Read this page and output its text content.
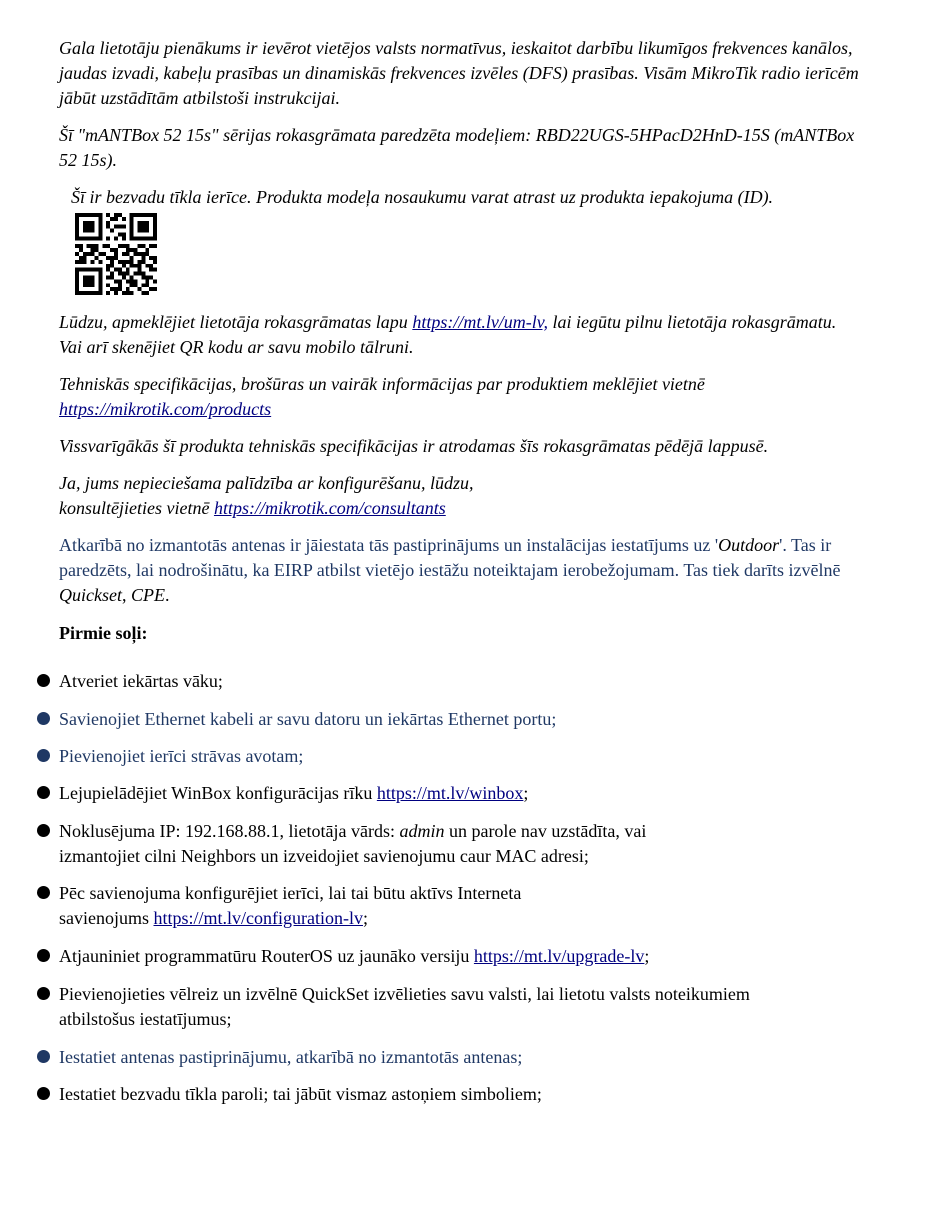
Gala lietotāju pienākums ir ievērot vietējos valsts normatīvus, ieskaitot darbību likumīgos frekvences kanālos, jaudas izvadi, kabeļu prasības un dinamiskās frekvences izvēles (DFS) prasības. Visām MikroTik radio ierīcēm jābūt uzstādītām atbilstoši instrukcijai.

Šī "mANTBox 52 15s" sērijas rokasgrāmata paredzēta modeļiem: RBD22UGS-5HPacD2HnD-15S (mANTBox 52 15s).

Šī ir bezvadu tīkla ierīce. Produkta modeļa nosaukumu varat atrast uz produkta iepakojuma (ID).

Lūdzu, apmeklējiet lietotāja rokasgrāmatas lapu https://mt.lv/um-lv, lai iegūtu pilnu lietotāja rokasgrāmatu. Vai arī skenējiet QR kodu ar savu mobilo tālruni.

Tehniskās specifikācijas, brošūras un vairāk informācijas par produktiem meklējiet vietnē https://mikrotik.com/products

Vissvarīgākās šī produkta tehniskās specifikācijas ir atrodamas šīs rokasgrāmatas pēdējā lappusē.

Ja, jums nepieciešama palīdzība ar konfigurēšanu, lūdzu, konsultējieties vietnē https://mikrotik.com/consultants

Atkarībā no izmantotās antenas ir jāiestata tās pastiprinājums un instalācijas iestatījums uz 'Outdoor'. Tas ir paredzēts, lai nodrošinātu, ka EIRP atbilst vietējo iestāžu noteiktajam ierobežojumam. Tas tiek darīts izvēlnē Quickset, CPE.

Pirmie soļi:

Atveriet iekārtas vāku;

Savienojiet Ethernet kabeli ar savu datoru un iekārtas Ethernet portu;

Pievienojiet ierīci strāvas avotam;

Lejupielādējiet WinBox konfigurācijas rīku https://mt.lv/winbox;

Noklusējuma IP: 192.168.88.1, lietotāja vārds: admin un parole nav uzstādīta, vai izmantojiet cilni Neighbors un izveidojiet savienojumu caur MAC adresi;

Pēc savienojuma konfigurējiet ierīci, lai tai būtu aktīvs Interneta savienojums https://mt.lv/configuration-lv;

Atjauniniet programmatūru RouterOS uz jaunāko versiju https://mt.lv/upgrade-lv;

Pievienojieties vēlreiz un izvēlnē QuickSet izvēlieties savu valsti, lai lietotu valsts noteikumiem atbilstošus iestatījumus;

Iestatiet antenas pastiprinājumu, atkarībā no izmantotās antenas;

Iestatiet bezvadu tīkla paroli; tai jābūt vismaz astoņiem simboliem;
